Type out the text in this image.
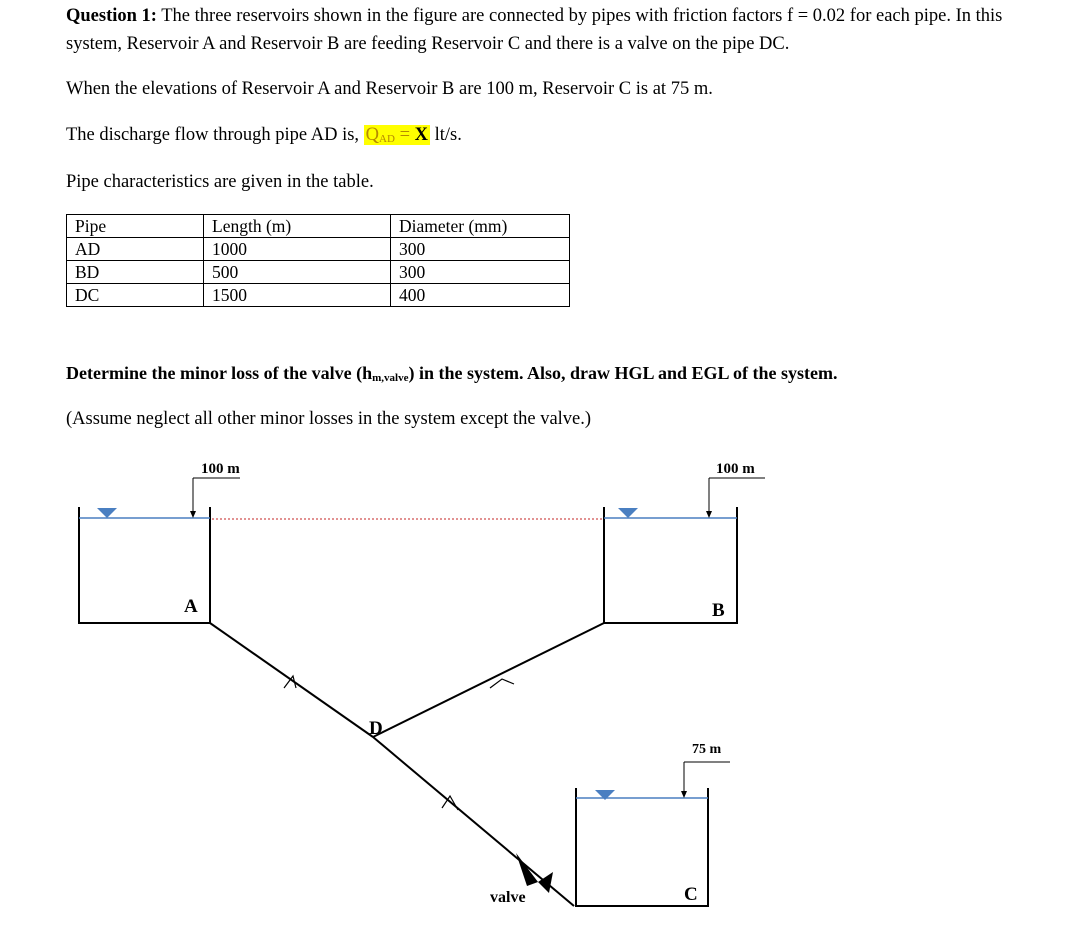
Question 1: The three reservoirs shown in the figure are connected by pipes with friction factors f = 0.02 for each pipe. In this system, Reservoir A and Reservoir B are feeding Reservoir C and there is a valve on the pipe DC.

When the elevations of Reservoir A and Reservoir B are 100 m, Reservoir C is at 75 m.

The discharge flow through pipe AD is, $Q_{AD} = X$ lt/s.

Pipe characteristics are given in the table.

Pipe	Length (m)	Diameter (mm)
AD	1000	300
BD	500	300
DC	1500	400

Determine the minor loss of the valve $(h_{m,valve})$ in the system. Also, draw HGL and EGL of the system.

(Assume neglect all other minor losses in the system except the valve.)

100 m	100 m
75 m
A	B
C
D
valve
